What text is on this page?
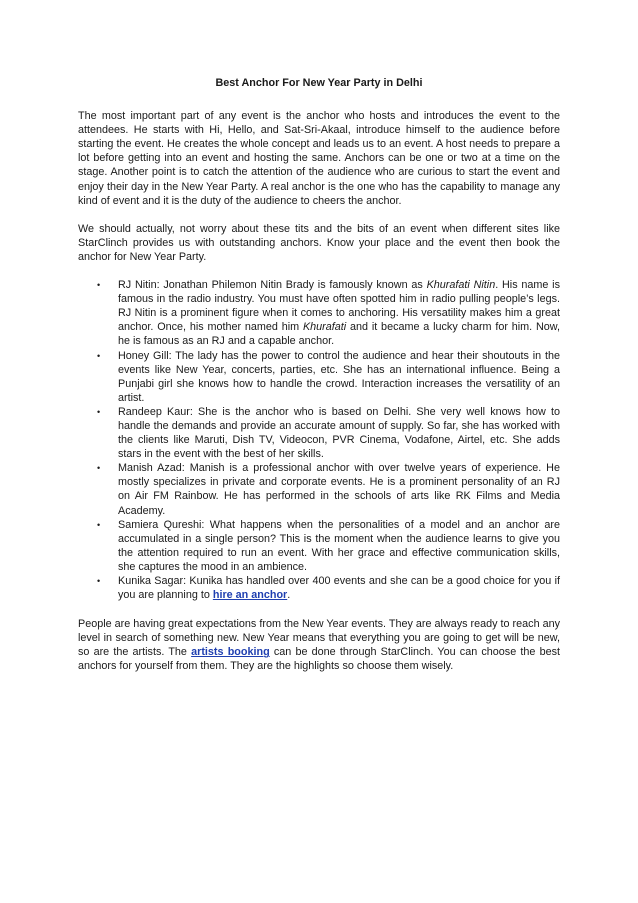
Best Anchor For New Year Party in Delhi

The most important part of any event is the anchor who hosts and introduces the event to the attendees. He starts with Hi, Hello, and Sat-Sri-Akaal, introduce himself to the audience before starting the event. He creates the whole concept and leads us to an event. A host needs to prepare a lot before getting into an event and hosting the same. Anchors can be one or two at a time on the stage. Another point is to catch the attention of the audience who are curious to start the event and enjoy their day in the New Year Party. A real anchor is the one who has the capability to manage any kind of event and it is the duty of the audience to cheers the anchor.

We should actually, not worry about these tits and the bits of an event when different sites like StarClinch provides us with outstanding anchors. Know your place and the event then book the anchor for New Year Party.

• RJ Nitin: Jonathan Philemon Nitin Brady is famously known as Khurafati Nitin. His name is famous in the radio industry. You must have often spotted him in radio pulling people’s legs. RJ Nitin is a prominent figure when it comes to anchoring. His versatility makes him a great anchor. Once, his mother named him Khurafati and it became a lucky charm for him. Now, he is famous as an RJ and a capable anchor.
• Honey Gill: The lady has the power to control the audience and hear their shoutouts in the events like New Year, concerts, parties, etc. She has an international influence. Being a Punjabi girl she knows how to handle the crowd. Interaction increases the versatility of an artist.
• Randeep Kaur: She is the anchor who is based on Delhi. She very well knows how to handle the demands and provide an accurate amount of supply. So far, she has worked with the clients like Maruti, Dish TV, Videocon, PVR Cinema, Vodafone, Airtel, etc. She adds stars in the event with the best of her skills.
• Manish Azad: Manish is a professional anchor with over twelve years of experience. He mostly specializes in private and corporate events. He is a prominent personality of an RJ on Air FM Rainbow. He has performed in the schools of arts like RK Films and Media Academy.
• Samiera Qureshi: What happens when the personalities of a model and an anchor are accumulated in a single person? This is the moment when the audience learns to give you the attention required to run an event. With her grace and effective communication skills, she captures the mood in an ambience.
• Kunika Sagar: Kunika has handled over 400 events and she can be a good choice for you if you are planning to hire an anchor.

People are having great expectations from the New Year events. They are always ready to reach any level in search of something new. New Year means that everything you are going to get will be new, so are the artists. The artists booking can be done through StarClinch. You can choose the best anchors for yourself from them. They are the highlights so choose them wisely.
